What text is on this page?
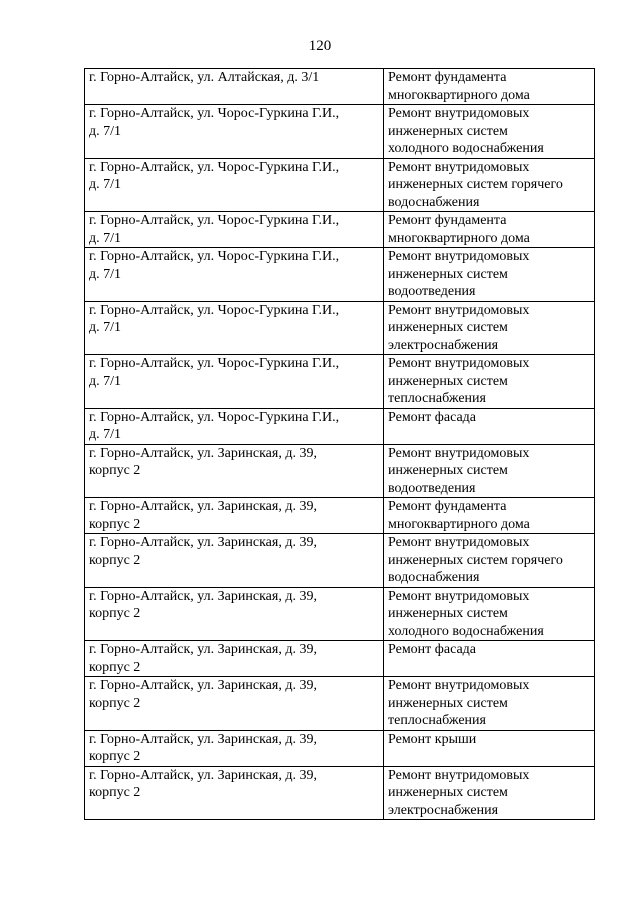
120
г. Горно-Алтайск, ул. Алтайская, д. 3/1	Ремонт фундамента
многоквартирного дома
г. Горно-Алтайск, ул. Чорос-Гуркина Г.И.,
д. 7/1	Ремонт внутридомовых
инженерных систем
холодного водоснабжения
г. Горно-Алтайск, ул. Чорос-Гуркина Г.И.,
д. 7/1	Ремонт внутридомовых
инженерных систем горячего
водоснабжения
г. Горно-Алтайск, ул. Чорос-Гуркина Г.И.,
д. 7/1	Ремонт фундамента
многоквартирного дома
г. Горно-Алтайск, ул. Чорос-Гуркина Г.И.,
д. 7/1	Ремонт внутридомовых
инженерных систем
водоотведения
г. Горно-Алтайск, ул. Чорос-Гуркина Г.И.,
д. 7/1	Ремонт внутридомовых
инженерных систем
электроснабжения
г. Горно-Алтайск, ул. Чорос-Гуркина Г.И.,
д. 7/1	Ремонт внутридомовых
инженерных систем
теплоснабжения
г. Горно-Алтайск, ул. Чорос-Гуркина Г.И.,
д. 7/1	Ремонт фасада
г. Горно-Алтайск, ул. Заринская, д. 39,
корпус 2	Ремонт внутридомовых
инженерных систем
водоотведения
г. Горно-Алтайск, ул. Заринская, д. 39,
корпус 2	Ремонт фундамента
многоквартирного дома
г. Горно-Алтайск, ул. Заринская, д. 39,
корпус 2	Ремонт внутридомовых
инженерных систем горячего
водоснабжения
г. Горно-Алтайск, ул. Заринская, д. 39,
корпус 2	Ремонт внутридомовых
инженерных систем
холодного водоснабжения
г. Горно-Алтайск, ул. Заринская, д. 39,
корпус 2	Ремонт фасада
г. Горно-Алтайск, ул. Заринская, д. 39,
корпус 2	Ремонт внутридомовых
инженерных систем
теплоснабжения
г. Горно-Алтайск, ул. Заринская, д. 39,
корпус 2	Ремонт крыши
г. Горно-Алтайск, ул. Заринская, д. 39,
корпус 2	Ремонт внутридомовых
инженерных систем
электроснабжения
